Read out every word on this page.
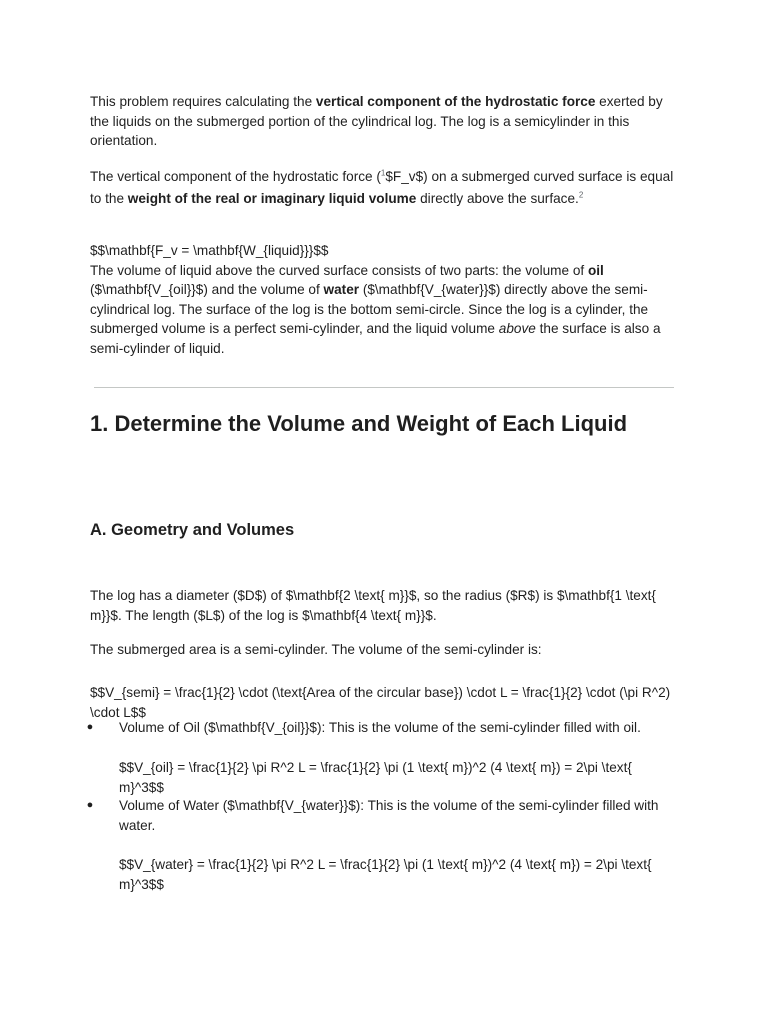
This problem requires calculating the vertical component of the hydrostatic force exerted by the liquids on the submerged portion of the cylindrical log. The log is a semicylinder in this orientation.

The vertical component of the hydrostatic force ($^1$\$F_v$) on a submerged curved surface is equal to the weight of the real or imaginary liquid volume directly above the surface.$^2$

$$\mathbf{F_v = \mathbf{W_{liquid}}}$$
The volume of liquid above the curved surface consists of two parts: the volume of oil ($\mathbf{V_{oil}}$) and the volume of water ($\mathbf{V_{water}}$) directly above the semi-cylindrical log. The surface of the log is the bottom semi-circle. Since the log is a cylinder, the submerged volume is a perfect semi-cylinder, and the liquid volume above the surface is also a semi-cylinder of liquid.

1. Determine the Volume and Weight of Each Liquid
A. Geometry and Volumes

The log has a diameter ($D$) of $\mathbf{2 \text{ m}}$, so the radius ($R$) is $\mathbf{1 \text{ m}}$. The length ($L$) of the log is $\mathbf{4 \text{ m}}$.

The submerged area is a semi-cylinder. The volume of the semi-cylinder is:

$$V_{semi} = \frac{1}{2} \cdot (\text{Area of the circular base}) \cdot L = \frac{1}{2} \cdot (\pi R^2) \cdot L$$

● Volume of Oil ($\mathbf{V_{oil}}$): This is the volume of the semi-cylinder filled with oil.

$$V_{oil} = \frac{1}{2} \pi R^2 L = \frac{1}{2} \pi (1 \text{ m})^2 (4 \text{ m}) = 2\pi \text{ m}^3$$

● Volume of Water ($\mathbf{V_{water}}$): This is the volume of the semi-cylinder filled with water.

$$V_{water} = \frac{1}{2} \pi R^2 L = \frac{1}{2} \pi (1 \text{ m})^2 (4 \text{ m}) = 2\pi \text{ m}^3$$
